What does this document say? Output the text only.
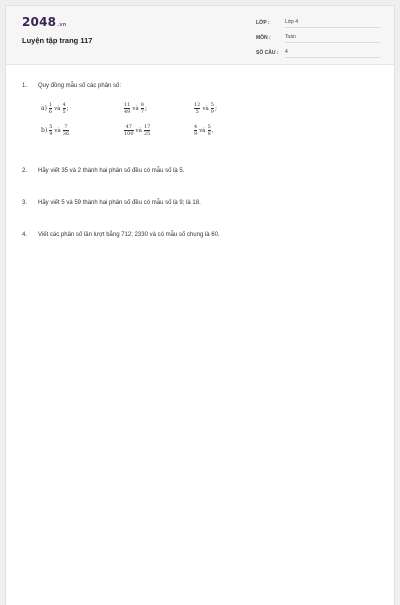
2048.vn
Luyện tập trang 117
LỚP :	Lớp 4
MÔN :	Toán
SỐ CÂU : 4
1. Quy đồng mẫu số các phân số:
$a) \frac{1}{6}$ và $\frac{4}{5}$ ;	$\frac{11}{49}$ và $\frac{8}{7}$ ;	$\frac{12}{5}$ và $\frac{5}{9}$ ;
$b) \frac{5}{9}$ và $\frac{7}{36}$	$\frac{47}{100}$ và $\frac{17}{25}$	$\frac{4}{9}$ và $\frac{5}{8}$ .
2. Hãy viết 35 và 2 thành hai phân số đều có mẫu số là 5.
3. Hãy viết 5 và 59 thành hai phân số đều có mẫu số là 9; là 18.
4. Viết các phân số lần lượt bằng 712; 2330 và có mẫu số chung là 60.
